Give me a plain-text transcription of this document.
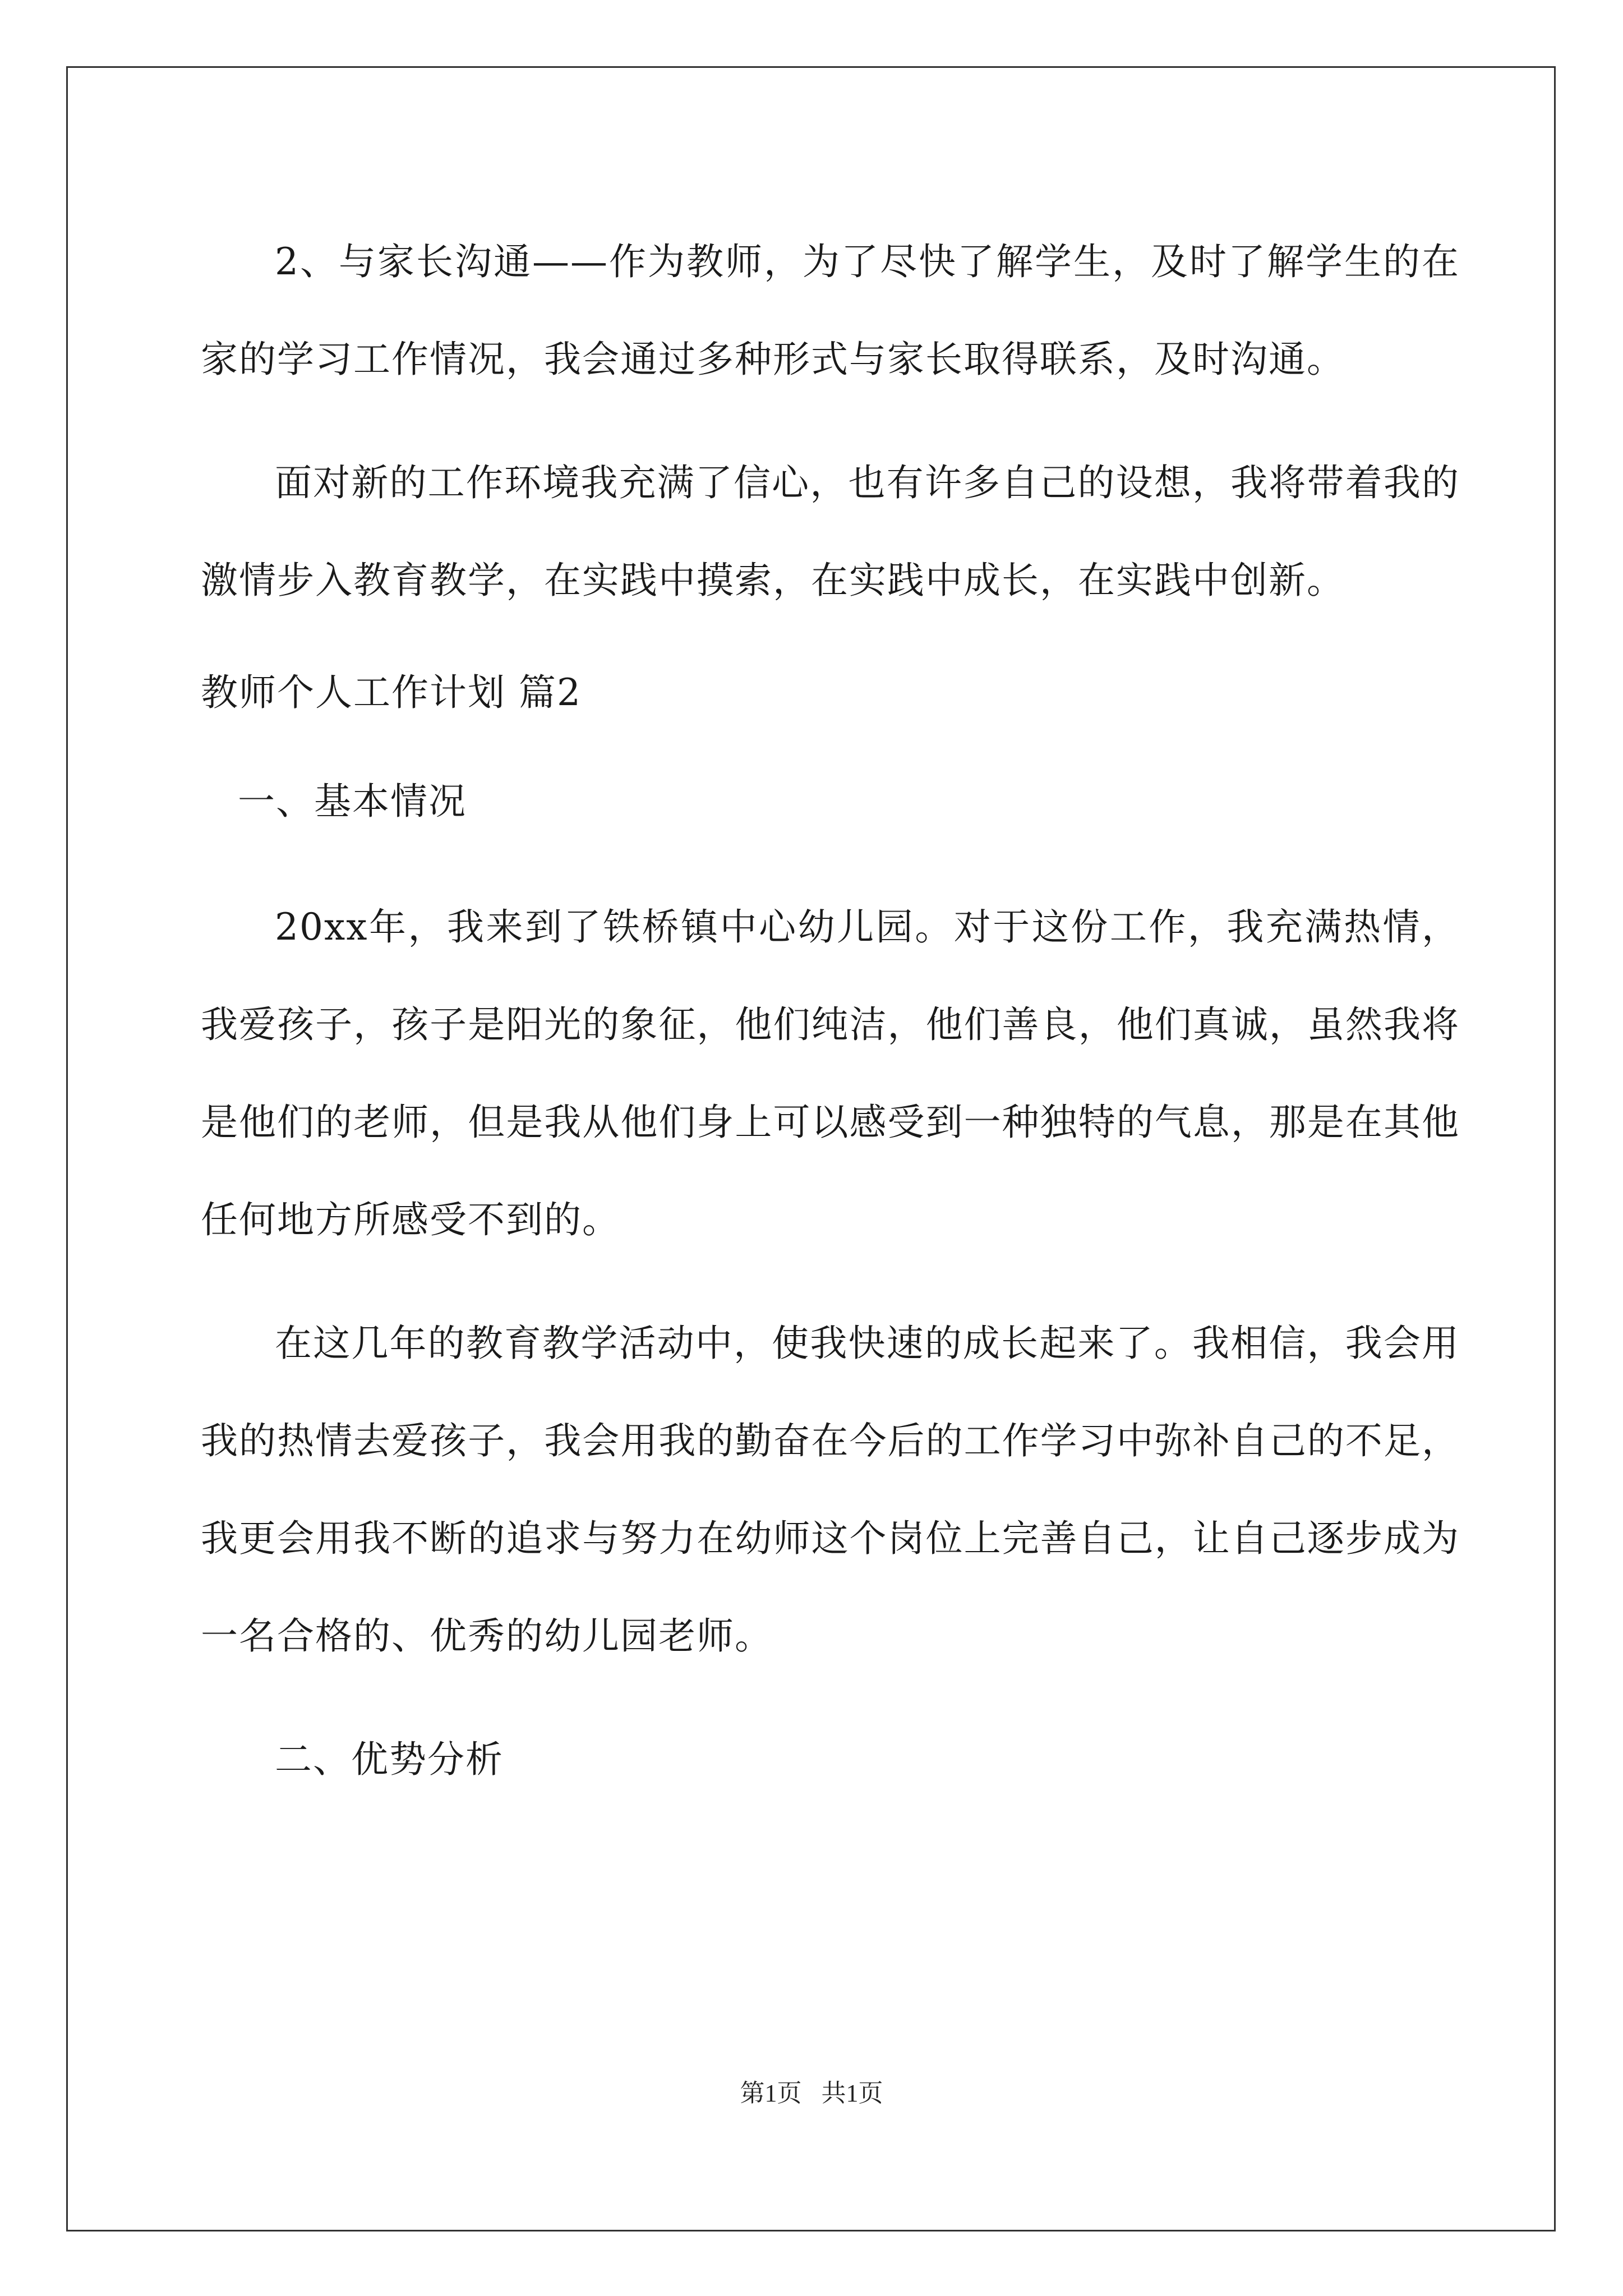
2、与家长沟通——作为教师，为了尽快了解学生，及时了解学生的在家的学习工作情况，我会通过多种形式与家长取得联系，及时沟通。

面对新的工作环境我充满了信心，也有许多自己的设想，我将带着我的激情步入教育教学，在实践中摸索，在实践中成长，在实践中创新。

教师个人工作计划 篇2
一、基本情况

20xx年，我来到了铁桥镇中心幼儿园。对于这份工作，我充满热情，我爱孩子，孩子是阳光的象征，他们纯洁，他们善良，他们真诚，虽然我将是他们的老师，但是我从他们身上可以感受到一种独特的气息，那是在其他任何地方所感受不到的。

在这几年的教育教学活动中，使我快速的成长起来了。我相信，我会用我的热情去爱孩子，我会用我的勤奋在今后的工作学习中弥补自己的不足，我更会用我不断的追求与努力在幼师这个岗位上完善自己，让自己逐步成为一名合格的、优秀的幼儿园老师。

二、优势分析
第1页 共1页
